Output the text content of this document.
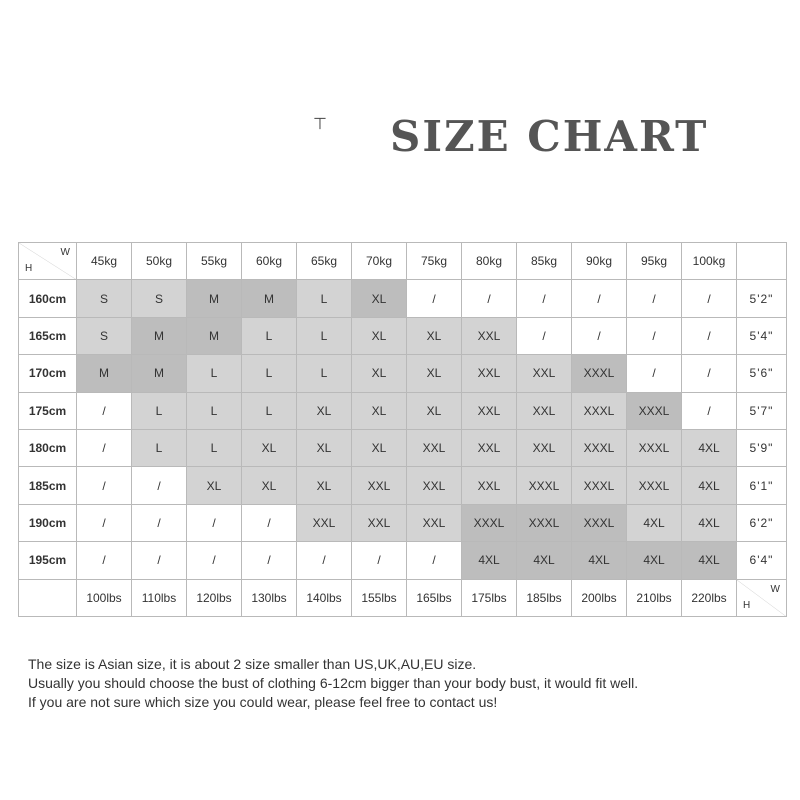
⊤ SIZE CHART
H
W	45kg	50kg	55kg	60kg	65kg	70kg	75kg	80kg	85kg	90kg	95kg	100kg	
160cm	S	S	M	M	L	XL	/	/	/	/	/	/	5'2"
165cm	S	M	M	L	L	XL	XL	XXL	/	/	/	/	5'4"
170cm	M	M	L	L	L	XL	XL	XXL	XXL	XXXL	/	/	5'6"
175cm	/	L	L	L	XL	XL	XL	XXL	XXL	XXXL	XXXL	/	5'7"
180cm	/	L	L	XL	XL	XL	XXL	XXL	XXL	XXXL	XXXL	4XL	5'9"
185cm	/	/	XL	XL	XL	XXL	XXL	XXL	XXXL	XXXL	XXXL	4XL	6'1"
190cm	/	/	/	/	XXL	XXL	XXL	XXXL	XXXL	XXXL	4XL	4XL	6'2"
195cm	/	/	/	/	/	/	/	4XL	4XL	4XL	4XL	4XL	6'4"
	100lbs	110lbs	120lbs	130lbs	140lbs	155lbs	165lbs	175lbs	185lbs	200lbs	210lbs	220lbs	H
W
The size is Asian size, it is about 2 size smaller than US,UK,AU,EU size.
Usually you should choose the bust of clothing 6-12cm bigger than your body bust, it would fit well.
If you are not sure which size you could wear, please feel free to contact us!
